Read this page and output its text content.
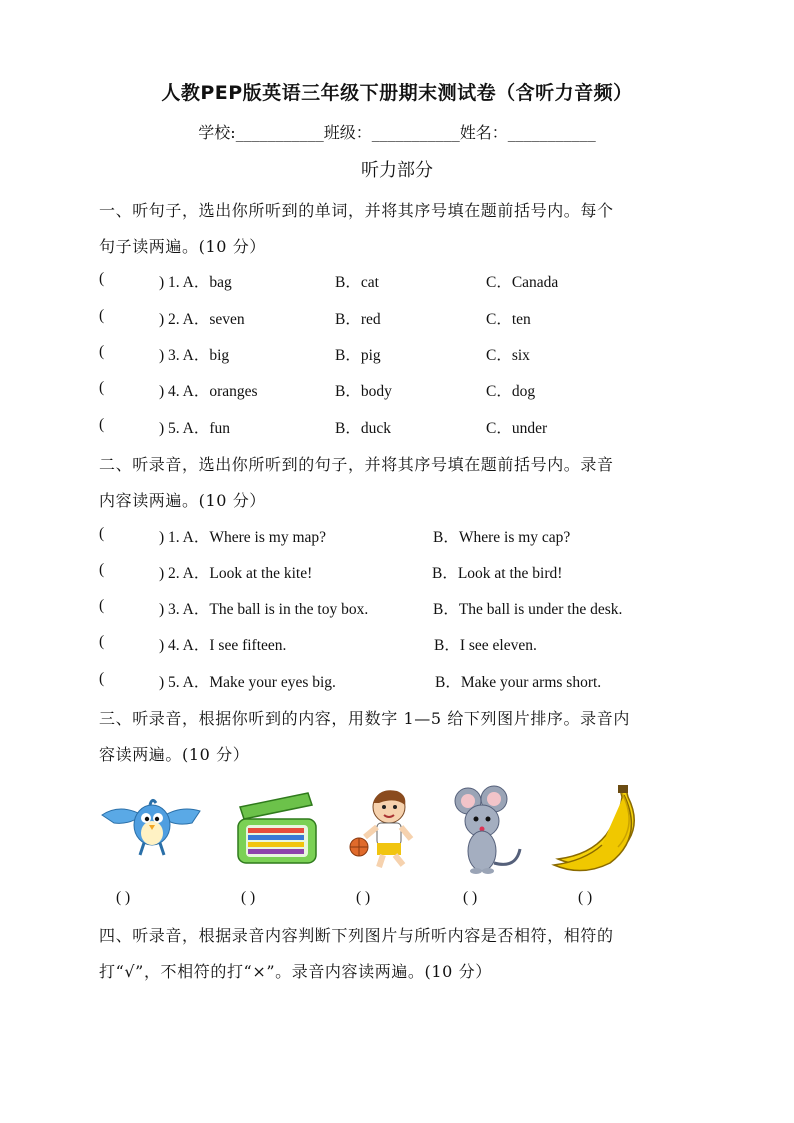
人教PEP版英语三年级下册期末测试卷（含听力音频）
学校:___________班级：___________姓名：___________
听力部分
一、听句子，选出你所听到的单词，并将其序号填在题前括号内。每个
句子读两遍。(10 分）
(	) 1. A．bag	B．cat	C．Canada
(	) 2. A．seven	B．red	C．ten
(	) 3. A．big	B．pig	C．six
(	) 4. A．oranges	B．body	C．dog
(	) 5. A．fun	B．duck	C．under
二、听录音，选出你所听到的句子，并将其序号填在题前括号内。录音
内容读两遍。(10 分）
(	) 1. A．Where is my map?	B．Where is my cap?
(	) 2. A．Look at the kite!	B．Look at the bird!
(	) 3. A．The ball is in the toy box.	B．The ball is under the desk.
(	) 4. A．I see fifteen.	B．I see eleven.
(	) 5. A．Make your eyes big.	B．Make your arms short.
三、听录音，根据你听到的内容，用数字 1—5 给下列图片排序。录音内
容读两遍。(10 分）
( )	( )	( )	( )	( )
四、听录音，根据录音内容判断下列图片与所听内容是否相符，相符的
打“√”，不相符的打“×”。录音内容读两遍。(10 分）
